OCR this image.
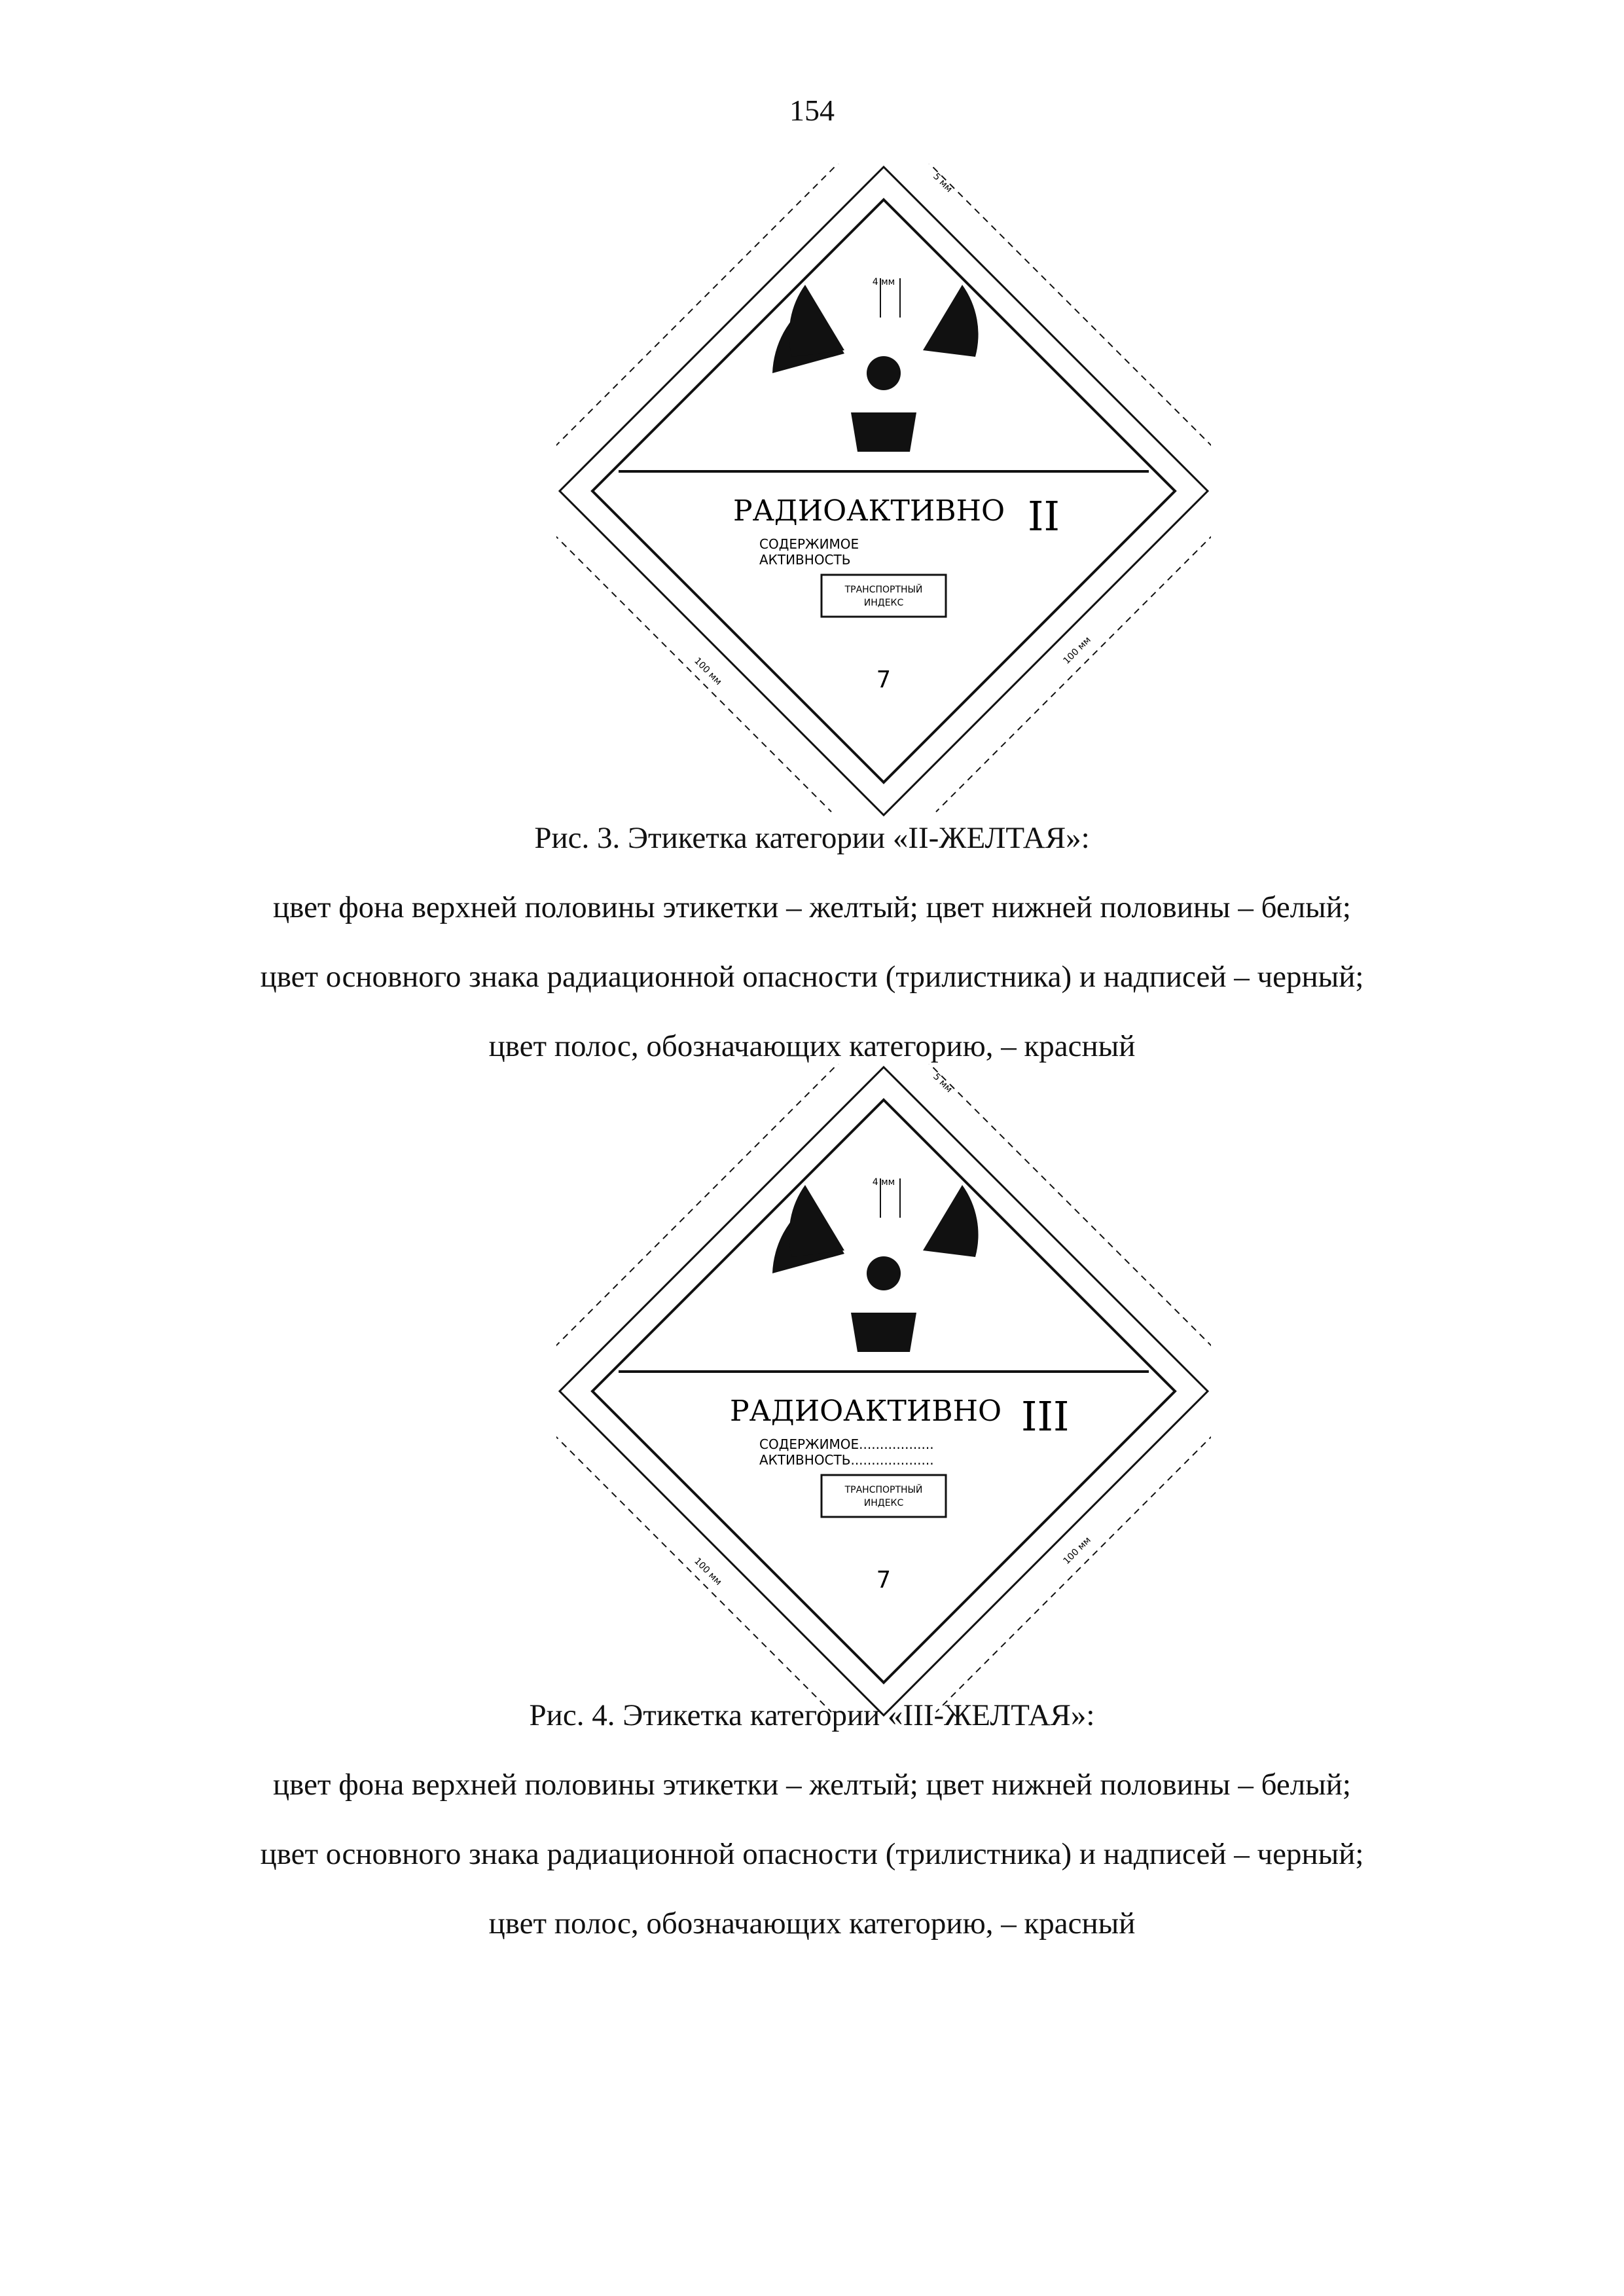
154
4 мм
5 мм
100 мм
100 мм
РАДИОАКТИВНО II
СОДЕРЖИМОЕ
АКТИВНОСТЬ
ТРАНСПОРТНЫЙ
ИНДЕКС
7
Рис. 3. Этикетка категории «II-ЖЕЛТАЯ»:
цвет фона верхней половины этикетки – желтый; цвет нижней половины – белый;
цвет основного знака радиационной опасности (трилистника) и надписей – черный;
цвет полос, обозначающих категорию, – красный
4 мм
5 мм
100 мм
100 мм
РАДИОАКТИВНО III
СОДЕРЖИМОЕ..................
АКТИВНОСТЬ....................
ТРАНСПОРТНЫЙ
ИНДЕКС
7
Рис. 4. Этикетка категории «III-ЖЕЛТАЯ»:
цвет фона верхней половины этикетки – желтый; цвет нижней половины – белый;
цвет основного знака радиационной опасности (трилистника) и надписей – черный;
цвет полос, обозначающих категорию, – красный
